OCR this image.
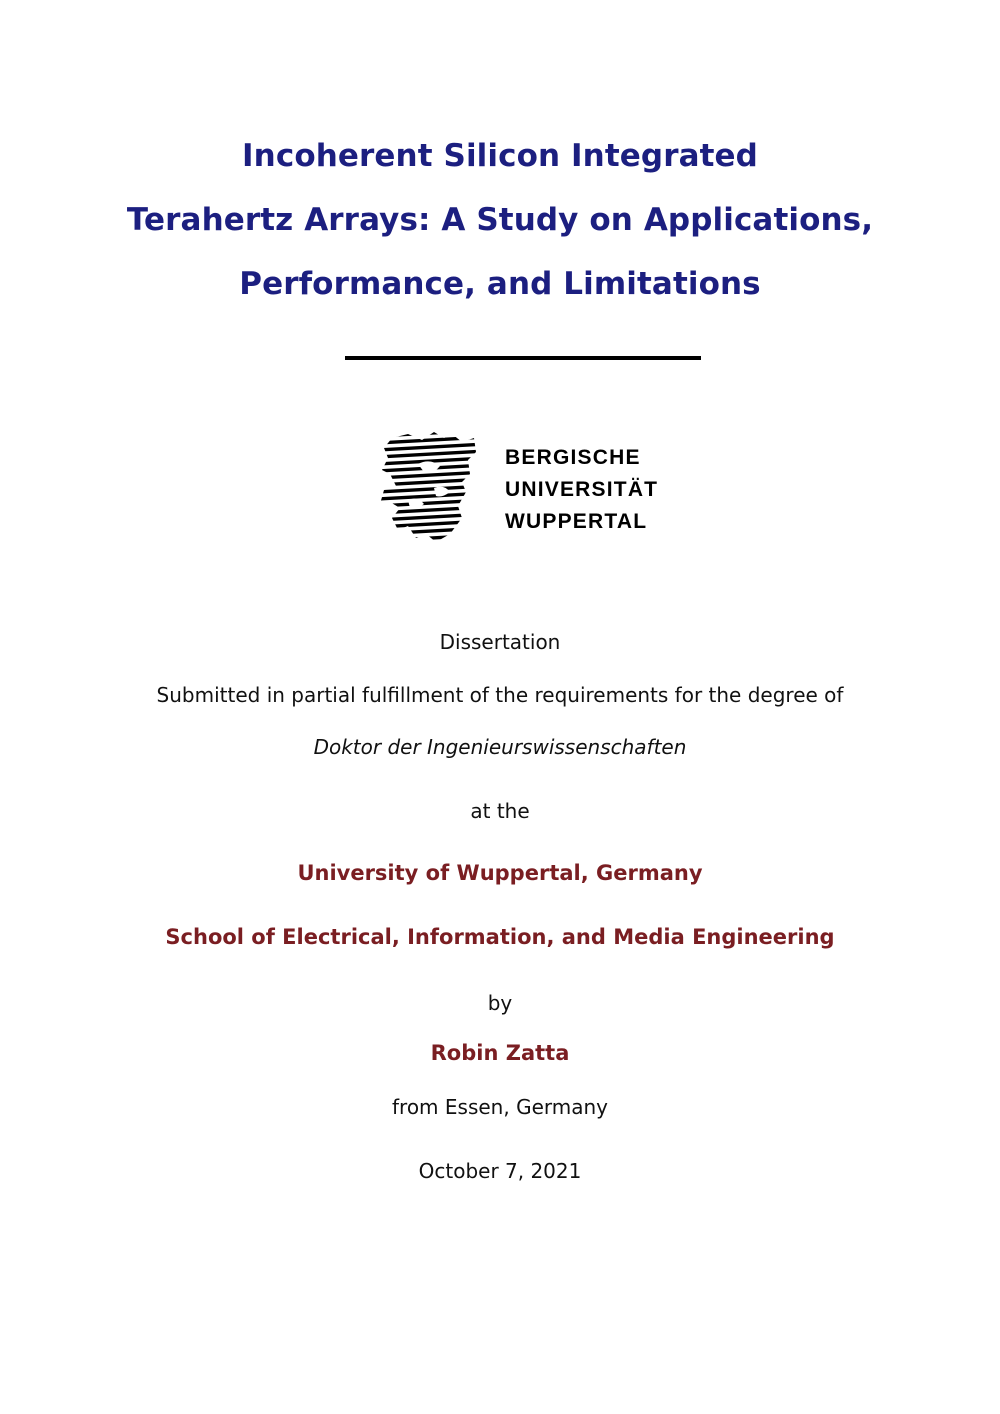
Incoherent Silicon Integrated
Terahertz Arrays: A Study on Applications,
Performance, and Limitations
BERGISCHE
UNIVERSITÄT
WUPPERTAL
Dissertation
Submitted in partial fulfillment of the requirements for the degree of
Doktor der Ingenieurswissenschaften
at the
University of Wuppertal, Germany
School of Electrical, Information, and Media Engineering
by
Robin Zatta
from Essen, Germany
October 7, 2021
